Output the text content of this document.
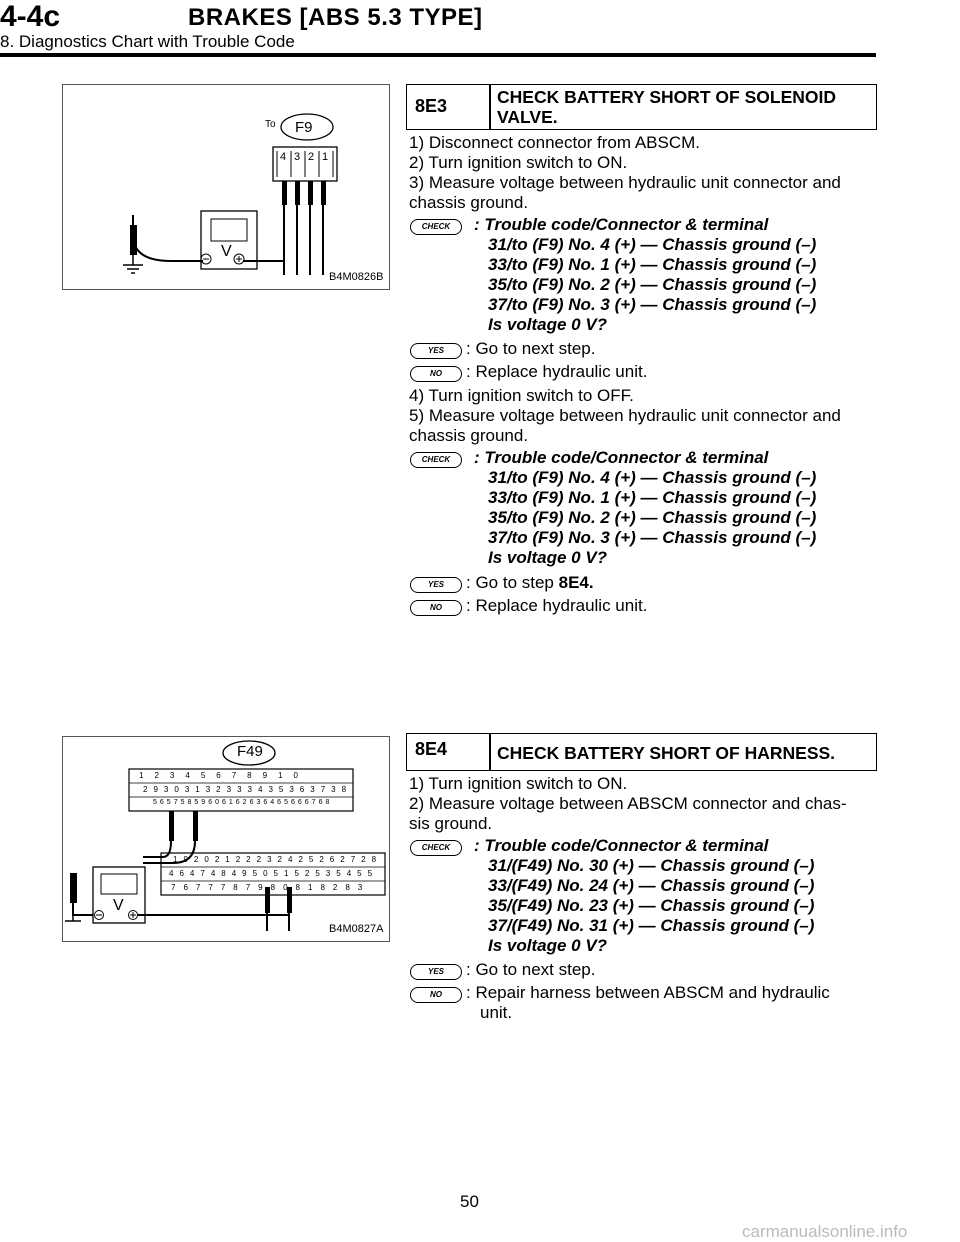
4-4c	BRAKES [ABS 5.3 TYPE]
8. Diagnostics Chart with Trouble Code
To F9
4 3 2 1
V
B4M0826B
8E3	CHECK BATTERY SHORT OF SOLENOID
VALVE.
1) Disconnect connector from ABSCM.
2) Turn ignition switch to ON.
3) Measure voltage between hydraulic unit connector and
chassis ground.
CHECK	: Trouble code/Connector & terminal
31/to (F9) No. 4 (+) — Chassis ground (–)
33/to (F9) No. 1 (+) — Chassis ground (–)
35/to (F9) No. 2 (+) — Chassis ground (–)
37/to (F9) No. 3 (+) — Chassis ground (–)
Is voltage 0 V?
YES	: Go to next step.
NO	: Replace hydraulic unit.
4) Turn ignition switch to OFF.
5) Measure voltage between hydraulic unit connector and
chassis ground.
CHECK	: Trouble code/Connector & terminal
31/to (F9) No. 4 (+) — Chassis ground (–)
33/to (F9) No. 1 (+) — Chassis ground (–)
35/to (F9) No. 2 (+) — Chassis ground (–)
37/to (F9) No. 3 (+) — Chassis ground (–)
Is voltage 0 V?
YES	: Go to step 8E4.
NO	: Replace hydraulic unit.
F49
12345678910
29303132333435363738
56575859606162636465666768
19202122232425262728
46474849505152535455
7677787980818283
V
B4M0827A
8E4	CHECK BATTERY SHORT OF HARNESS.
1) Turn ignition switch to ON.
2) Measure voltage between ABSCM connector and chas-
sis ground.
CHECK	: Trouble code/Connector & terminal
31/(F49) No. 30 (+) — Chassis ground (–)
33/(F49) No. 24 (+) — Chassis ground (–)
35/(F49) No. 23 (+) — Chassis ground (–)
37/(F49) No. 31 (+) — Chassis ground (–)
Is voltage 0 V?
YES	: Go to next step.
NO	: Repair harness between ABSCM and hydraulic
unit.
50
carmanualsonline.info
